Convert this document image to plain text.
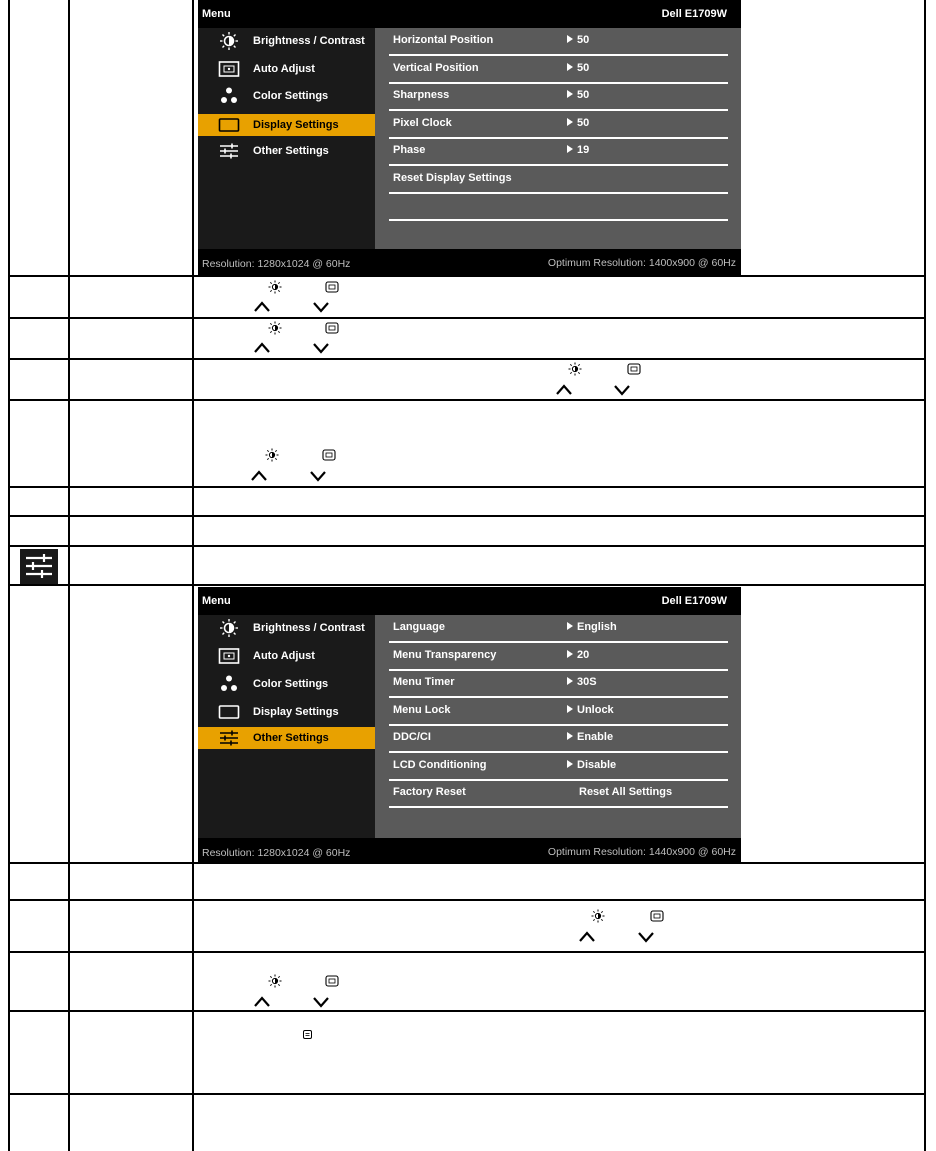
Menu	Dell E1709W
Brightness / Contrast
Auto Adjust
Color Settings
Display Settings
Other Settings
Horizontal Position	50
Vertical Position	50
Sharpness	50
Pixel Clock	50
Phase	19
Reset Display Settings
Resolution: 1280x1024 @ 60Hz	Optimum Resolution: 1400x900 @ 60Hz
Menu	Dell E1709W
Brightness / Contrast
Auto Adjust
Color Settings
Display Settings
Other Settings
Language	English
Menu Transparency	20
Menu Timer	30S
Menu Lock	Unlock
DDC/CI	Enable
LCD Conditioning	Disable
Factory Reset	Reset All Settings
Resolution: 1280x1024 @ 60Hz	Optimum Resolution: 1440x900 @ 60Hz
